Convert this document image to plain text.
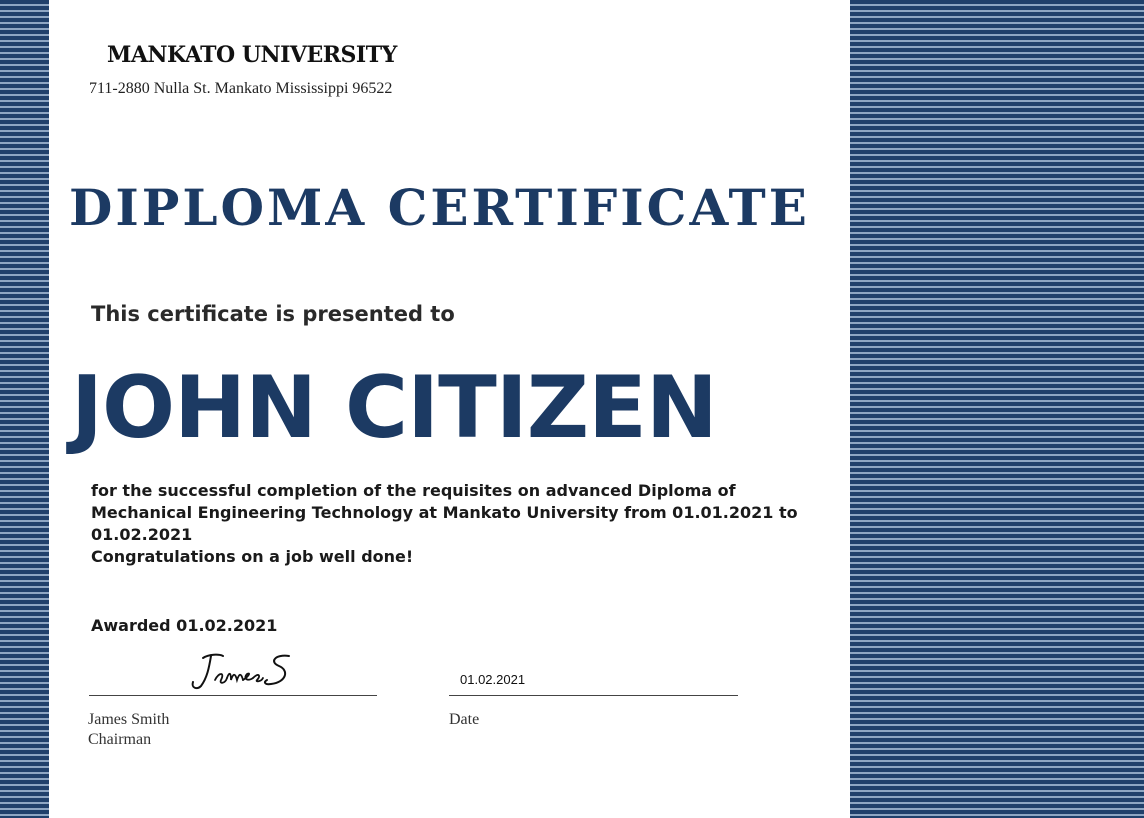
MANKATO UNIVERSITY
711-2880 Nulla St. Mankato Mississippi 96522
DIPLOMA CERTIFICATE
This certificate is presented to
JOHN CITIZEN

for the successful completion of the requisites on advanced Diploma of Mechanical Engineering Technology at Mankato University from 01.01.2021 to 01.02.2021

Congratulations on a job well done!

Awarded 01.02.2021
01.02.2021
James Smith
Chairman
Date
